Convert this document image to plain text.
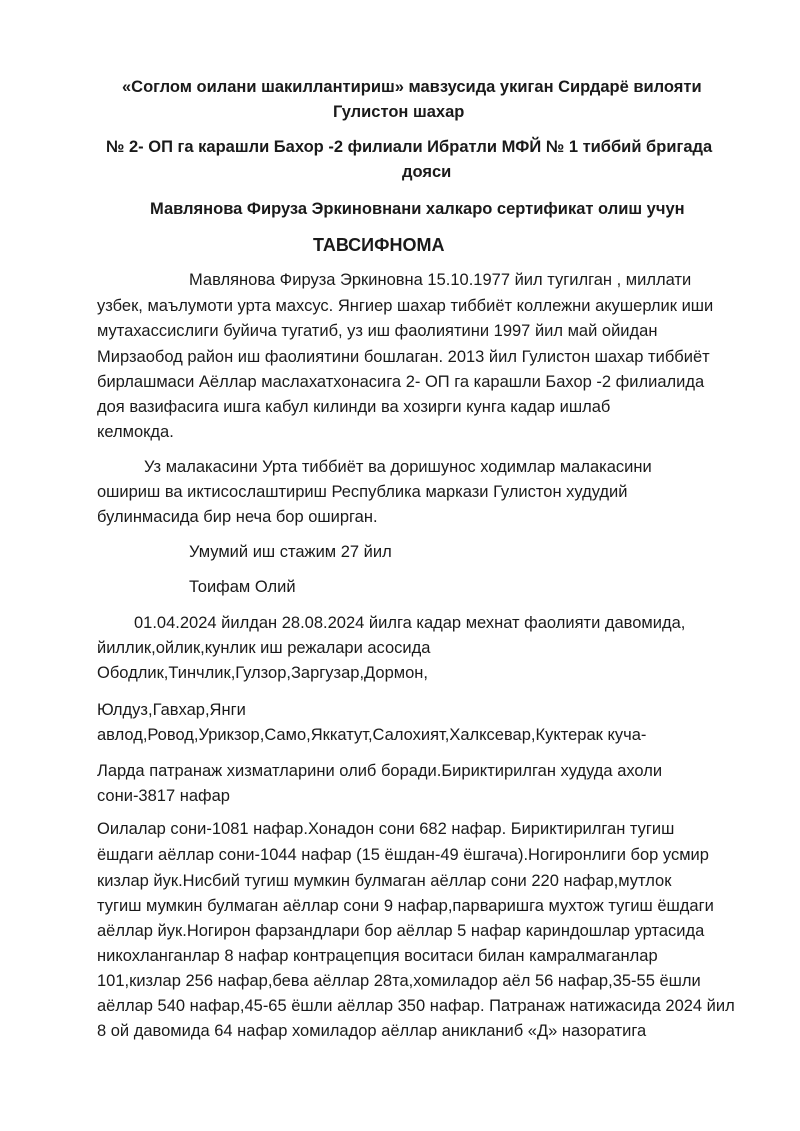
«Соглом оилани шакиллантириш» мавзусида укиган Сирдарё вилояти
Гулистон шахар
№ 2- ОП га карашли Бахор -2 филиали Ибратли МФЙ № 1 тиббий бригада
дояси
Мавлянова Фируза Эркиновнани халкаро сертификат олиш учун
ТАВСИФНОМА
Мавлянова Фируза Эркиновна 15.10.1977 йил тугилган , миллати
узбек, маълумоти урта махсус. Янгиер шахар тиббиёт коллежни акушерлик иши
мутахассислиги буйича тугатиб, уз иш фаолиятини 1997 йил май ойидан
Мирзаобод район иш фаолиятини бошлаган. 2013 йил Гулистон шахар тиббиёт
бирлашмаси Аёллар маслахатхонасига 2- ОП га карашли Бахор -2 филиалида
доя вазифасига ишга кабул килинди ва хозирги кунга кадар ишлаб
келмокда.
Уз малакасини Урта тиббиёт ва доришунос ходимлар малакасини
ошириш ва иктисослаштириш Республика маркази Гулистон худудий
булинмасида бир неча бор оширган.
Умумий иш стажим 27 йил
Тоифам Олий
01.04.2024 йилдан 28.08.2024 йилга кадар мехнат фаолияти давомида,
йиллик,ойлик,кунлик иш режалари асосида
Ободлик,Тинчлик,Гулзор,Заргузар,Дормон,
Юлдуз,Гавхар,Янги
авлод,Ровод,Урикзор,Само,Яккатут,Салохият,Халксевар,Куктерак куча-
Ларда патранаж хизматларини олиб боради.Бириктирилган худуда ахоли
сони-3817 нафар
Оилалар сони-1081 нафар.Хонадон сони 682 нафар. Бириктирилган тугиш
ёшдаги аёллар сони-1044 нафар (15 ёшдан-49 ёшгача).Ногиронлиги бор усмир
кизлар йук.Нисбий тугиш мумкин булмаган аёллар сони 220 нафар,мутлок
тугиш мумкин булмаган аёллар сони 9 нафар,парваришга мухтож тугиш ёшдаги
аёллар йук.Ногирон фарзандлари бор аёллар 5 нафар кариндошлар уртасида
никохланганлар 8 нафар контрацепция воситаси билан камралмаганлар
101,кизлар 256 нафар,бева аёллар 28та,хомиладор аёл 56 нафар,35-55 ёшли
аёллар 540 нафар,45-65 ёшли аёллар 350 нафар. Патранаж натижасида 2024 йил
8 ой давомида 64 нафар хомиладор аёллар аникланиб «Д» назоратига
